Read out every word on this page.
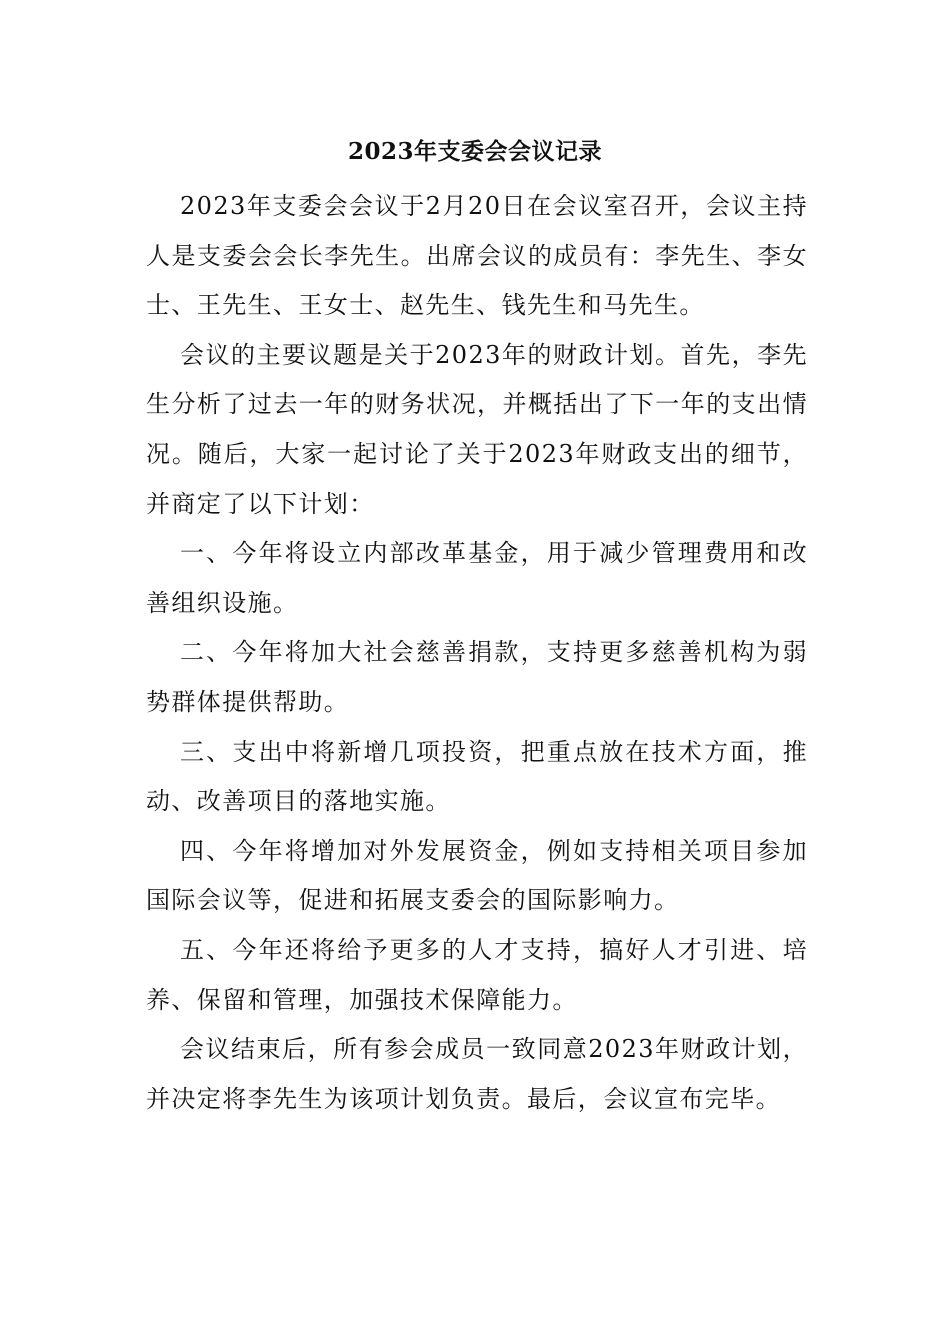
2023年支委会会议记录

2023年支委会会议于2月20日在会议室召开，会议主持人是支委会会长李先生。出席会议的成员有：李先生、李女士、王先生、王女士、赵先生、钱先生和马先生。

会议的主要议题是关于2023年的财政计划。首先，李先生分析了过去一年的财务状况，并概括出了下一年的支出情况。随后，大家一起讨论了关于2023年财政支出的细节，并商定了以下计划：

一、今年将设立内部改革基金，用于减少管理费用和改善组织设施。

二、今年将加大社会慈善捐款，支持更多慈善机构为弱势群体提供帮助。

三、支出中将新增几项投资，把重点放在技术方面，推动、改善项目的落地实施。

四、今年将增加对外发展资金，例如支持相关项目参加国际会议等，促进和拓展支委会的国际影响力。

五、今年还将给予更多的人才支持，搞好人才引进、培养、保留和管理，加强技术保障能力。

会议结束后，所有参会成员一致同意2023年财政计划，并决定将李先生为该项计划负责。最后，会议宣布完毕。
